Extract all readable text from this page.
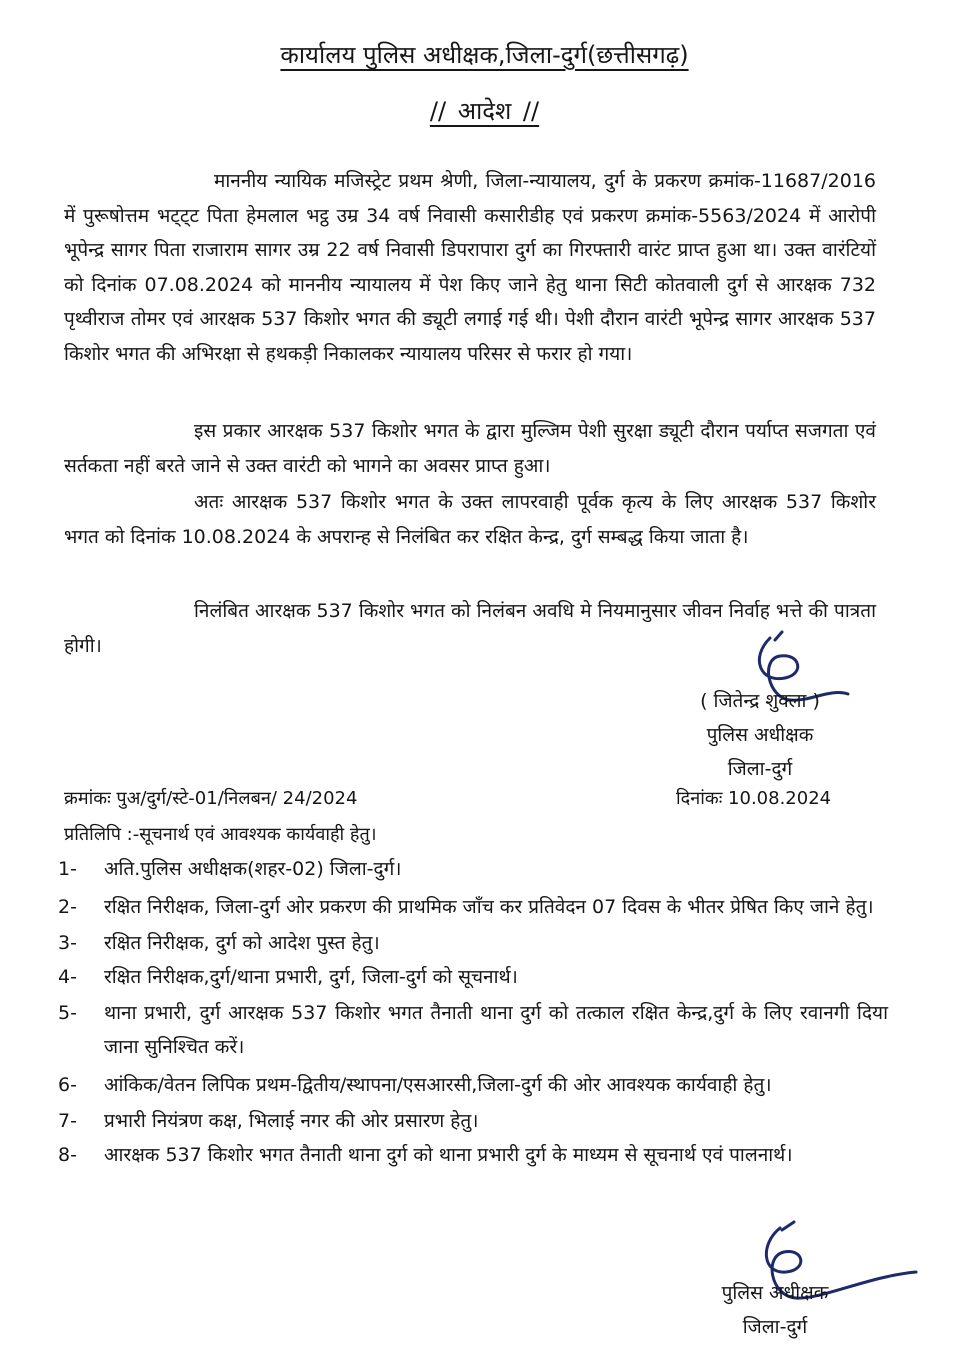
कार्यालय पुलिस अधीक्षक,जिला-दुर्ग(छत्तीसगढ़)
// आदेश //
माननीय न्यायिक मजिस्ट्रेट प्रथम श्रेणी, जिला-न्यायालय, दुर्ग के प्रकरण क्रमांक-11687/2016 में पुरूषोत्तम भट्ट्ट पिता हेमलाल भट्ठ उम्र 34 वर्ष निवासी कसारीडीह एवं प्रकरण क्रमांक-5563/2024 में आरोपी भूपेन्द्र सागर पिता राजाराम सागर उम्र 22 वर्ष निवासी डिपरापारा दुर्ग का गिरफ्तारी वारंट प्राप्त हुआ था। उक्त वारंटियों को दिनांक 07.08.2024 को माननीय न्यायालय में पेश किए जाने हेतु थाना सिटी कोतवाली दुर्ग से आरक्षक 732 पृथ्वीराज तोमर एवं आरक्षक 537 किशोर भगत की ड्यूटी लगाई गई थी। पेशी दौरान वारंटी भूपेन्द्र सागर आरक्षक 537 किशोर भगत की अभिरक्षा से हथकड़ी निकालकर न्यायालय परिसर से फरार हो गया।
इस प्रकार आरक्षक 537 किशोर भगत के द्वारा मुल्जिम पेशी सुरक्षा ड्यूटी दौरान पर्याप्त सजगता एवं सर्तकता नहीं बरते जाने से उक्त वारंटी को भागने का अवसर प्राप्त हुआ।
अतः आरक्षक 537 किशोर भगत के उक्त लापरवाही पूर्वक कृत्य के लिए आरक्षक 537 किशोर भगत को दिनांक 10.08.2024 के अपरान्ह से निलंबित कर रक्षित केन्द्र, दुर्ग सम्बद्ध किया जाता है।
निलंबित आरक्षक 537 किशोर भगत को निलंबन अवधि मे नियमानुसार जीवन निर्वाह भत्ते की पात्रता होगी।
( जितेन्द्र शुक्ला )
पुलिस अधीक्षक
जिला-दुर्ग
क्रमांकः पुअ/दुर्ग/स्टे-01/निलबन/ 24/2024	दिनांकः 10.08.2024
प्रतिलिपि :-सूचनार्थ एवं आवश्यक कार्यवाही हेतु।
1-	अति.पुलिस अधीक्षक(शहर-02) जिला-दुर्ग।
2-	रक्षित निरीक्षक, जिला-दुर्ग ओर प्रकरण की प्राथमिक जाँच कर प्रतिवेदन 07 दिवस के भीतर प्रेषित किए जाने हेतु।
3-	रक्षित निरीक्षक, दुर्ग को आदेश पुस्त हेतु।
4-	रक्षित निरीक्षक,दुर्ग/थाना प्रभारी, दुर्ग, जिला-दुर्ग को सूचनार्थ।
5-	थाना प्रभारी, दुर्ग आरक्षक 537 किशोर भगत तैनाती थाना दुर्ग को तत्काल रक्षित केन्द्र,दुर्ग के लिए रवानगी दिया जाना सुनिश्चित करें।
6-	आंकिक/वेतन लिपिक प्रथम-द्वितीय/स्थापना/एसआरसी,जिला-दुर्ग की ओर आवश्यक कार्यवाही हेतु।
7-	प्रभारी नियंत्रण कक्ष, भिलाई नगर की ओर प्रसारण हेतु।
8-	आरक्षक 537 किशोर भगत तैनाती थाना दुर्ग को थाना प्रभारी दुर्ग के माध्यम से सूचनार्थ एवं पालनार्थ।
पुलिस अधीक्षक
जिला-दुर्ग
